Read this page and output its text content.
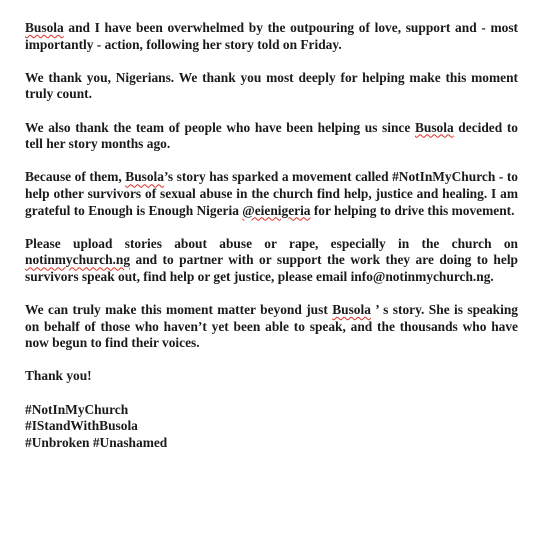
Busola and I have been overwhelmed by the outpouring of love, support and - most importantly - action, following her story told on Friday.

We thank you, Nigerians. We thank you most deeply for helping make this moment truly count.

We also thank the team of people who have been helping us since Busola decided to tell her story months ago.

Because of them, Busola’s story has sparked a movement called #NotInMyChurch - to help other survivors of sexual abuse in the church find help, justice and healing. I am grateful to Enough is Enough Nigeria @eienigeria for helping to drive this movement.

Please upload stories about abuse or rape, especially in the church on notinmychurch.ng and to partner with or support the work they are doing to help survivors speak out, find help or get justice, please email info@notinmychurch.ng.

We can truly make this moment matter beyond just Busola ’ s story. She is speaking on behalf of those who haven’t yet been able to speak, and the thousands who have now begun to find their voices.

Thank you!

#NotInMyChurch
#IStandWithBusola
#Unbroken #Unashamed
